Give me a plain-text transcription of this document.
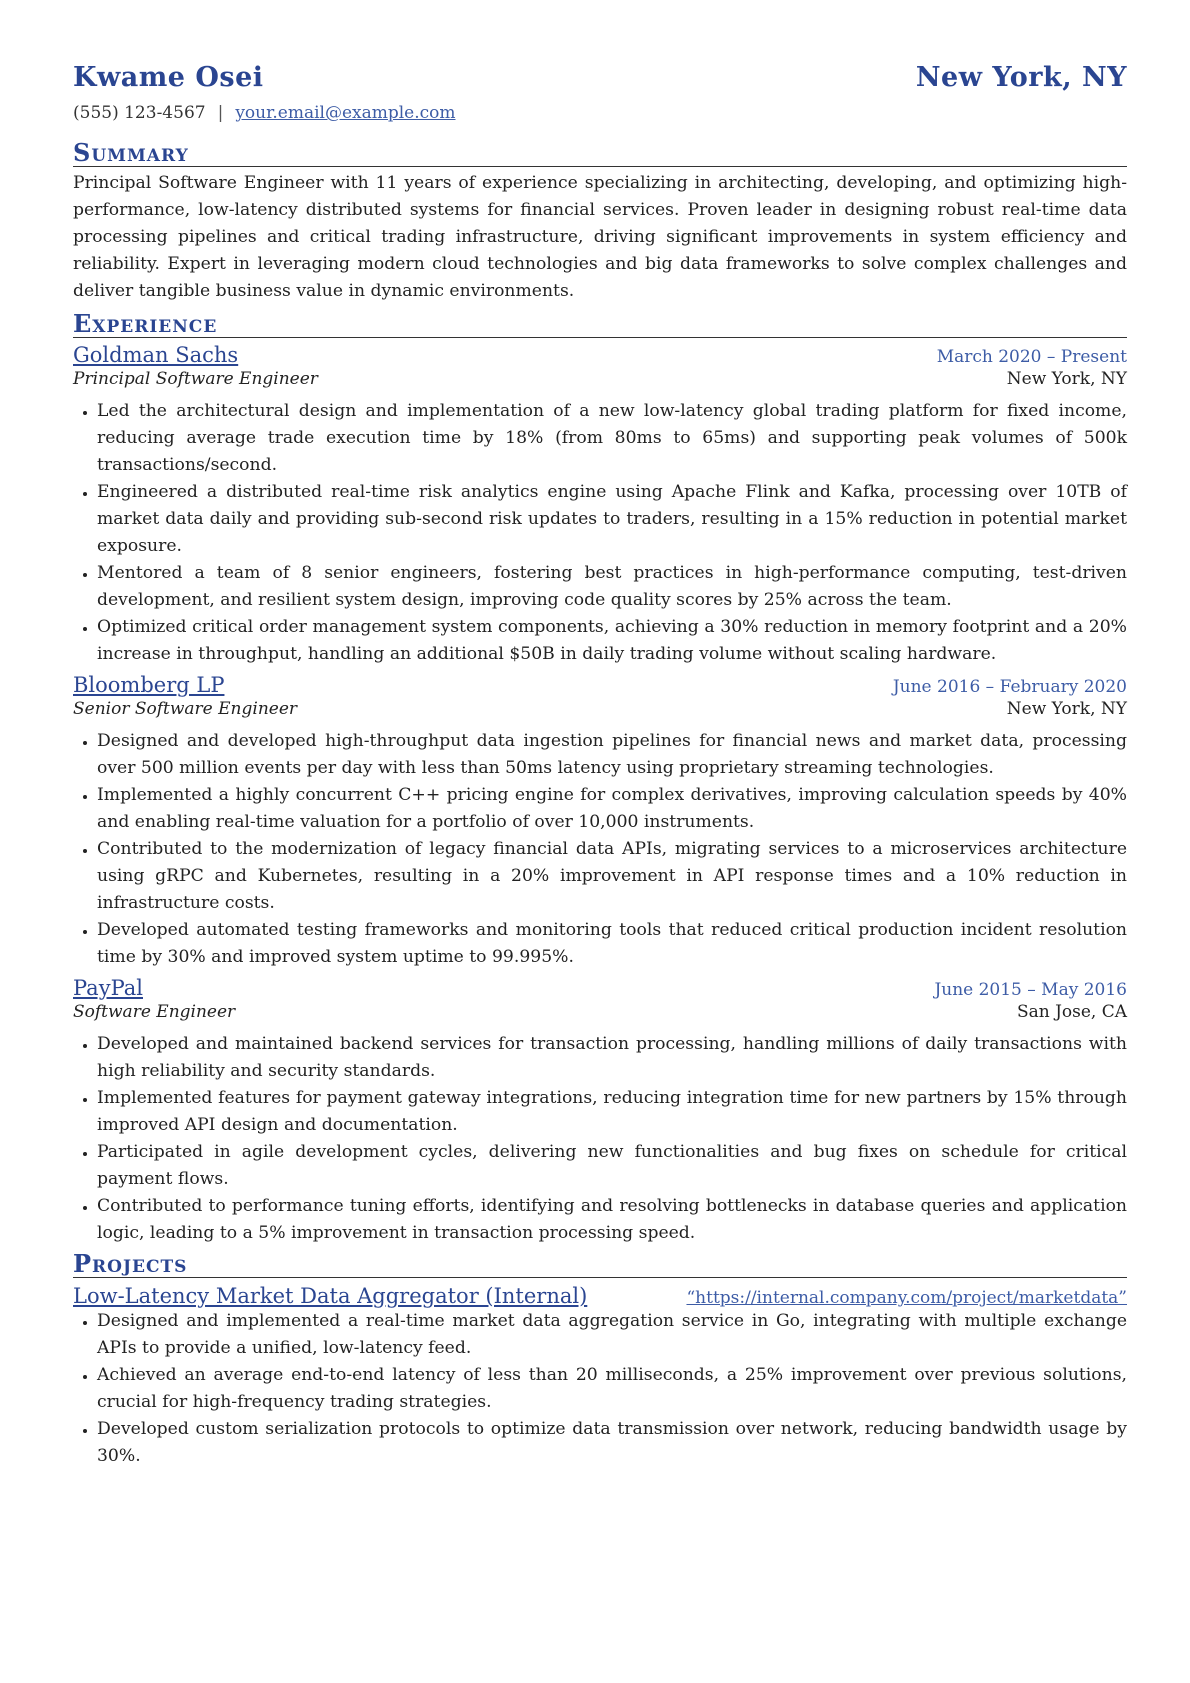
Kwame Osei	New York, NY
(555) 123-4567 | your.email@example.com
Summary
Principal Software Engineer with 11 years of experience specializing in architecting, developing, and optimizing high-performance, low-latency distributed systems for financial services. Proven leader in designing robust real-time data processing pipelines and critical trading infrastructure, driving significant improvements in system efficiency and reliability. Expert in leveraging modern cloud technologies and big data frameworks to solve complex challenges and deliver tangible business value in dynamic environments.
Experience
Goldman Sachs	March 2020 – Present
Principal Software Engineer	New York, NY
• Led the architectural design and implementation of a new low-latency global trading platform for fixed income, reducing average trade execution time by 18% (from 80ms to 65ms) and supporting peak volumes of 500k transactions/second.
• Engineered a distributed real-time risk analytics engine using Apache Flink and Kafka, processing over 10TB of market data daily and providing sub-second risk updates to traders, resulting in a 15% reduction in potential market exposure.
• Mentored a team of 8 senior engineers, fostering best practices in high-performance computing, test-driven development, and resilient system design, improving code quality scores by 25% across the team.
• Optimized critical order management system components, achieving a 30% reduction in memory footprint and a 20% increase in throughput, handling an additional $50B in daily trading volume without scaling hardware.
Bloomberg LP	June 2016 – February 2020
Senior Software Engineer	New York, NY
• Designed and developed high-throughput data ingestion pipelines for financial news and market data, processing over 500 million events per day with less than 50ms latency using proprietary streaming technologies.
• Implemented a highly concurrent C++ pricing engine for complex derivatives, improving calculation speeds by 40% and enabling real-time valuation for a portfolio of over 10,000 instruments.
• Contributed to the modernization of legacy financial data APIs, migrating services to a microservices architecture using gRPC and Kubernetes, resulting in a 20% improvement in API response times and a 10% reduction in infrastructure costs.
• Developed automated testing frameworks and monitoring tools that reduced critical production incident resolution time by 30% and improved system uptime to 99.995%.
PayPal	June 2015 – May 2016
Software Engineer	San Jose, CA
• Developed and maintained backend services for transaction processing, handling millions of daily transactions with high reliability and security standards.
• Implemented features for payment gateway integrations, reducing integration time for new partners by 15% through improved API design and documentation.
• Participated in agile development cycles, delivering new functionalities and bug fixes on schedule for critical payment flows.
• Contributed to performance tuning efforts, identifying and resolving bottlenecks in database queries and application logic, leading to a 5% improvement in transaction processing speed.
Projects
Low-Latency Market Data Aggregator (Internal)	“https://internal.company.com/project/marketdata”
• Designed and implemented a real-time market data aggregation service in Go, integrating with multiple exchange APIs to provide a unified, low-latency feed.
• Achieved an average end-to-end latency of less than 20 milliseconds, a 25% improvement over previous solutions, crucial for high-frequency trading strategies.
• Developed custom serialization protocols to optimize data transmission over network, reducing bandwidth usage by 30%.
